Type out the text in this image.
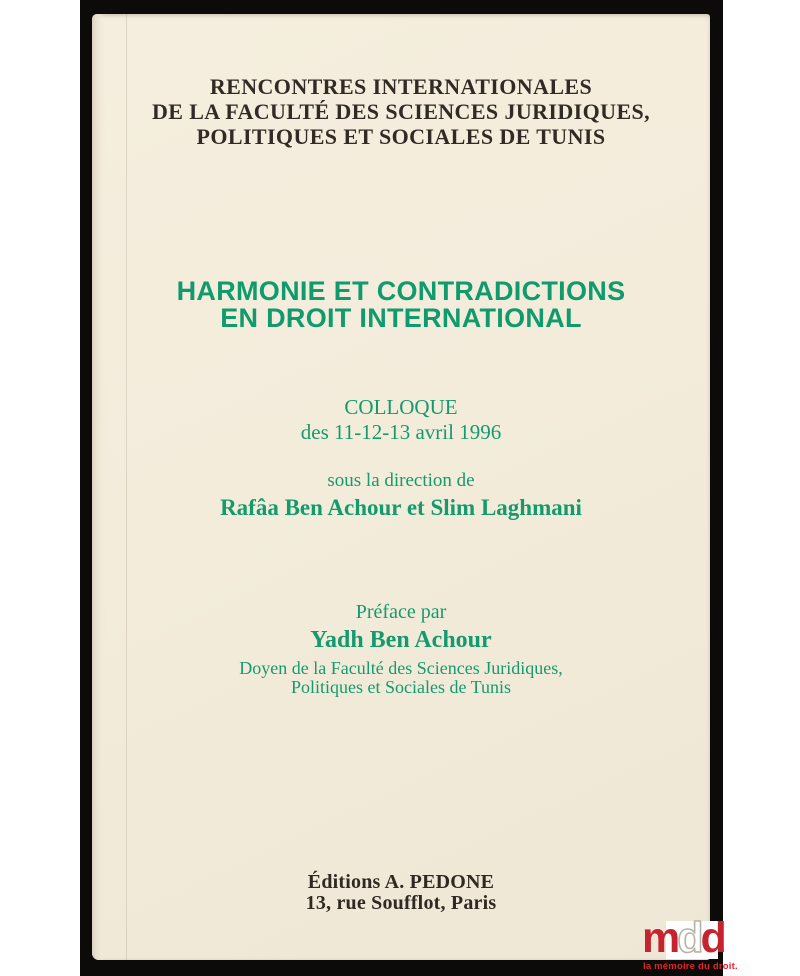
RENCONTRES INTERNATIONALES
DE LA FACULTÉ DES SCIENCES JURIDIQUES,
POLITIQUES ET SOCIALES DE TUNIS
HARMONIE ET CONTRADICTIONS
EN DROIT INTERNATIONAL
COLLOQUE
des 11-12-13 avril 1996
sous la direction de
Rafâa Ben Achour et Slim Laghmani
Préface par
Yadh Ben Achour
Doyen de la Faculté des Sciences Juridiques,
Politiques et Sociales de Tunis
Éditions A. PEDONE
13, rue Soufflot, Paris
mdd
la mémoire du droit.
